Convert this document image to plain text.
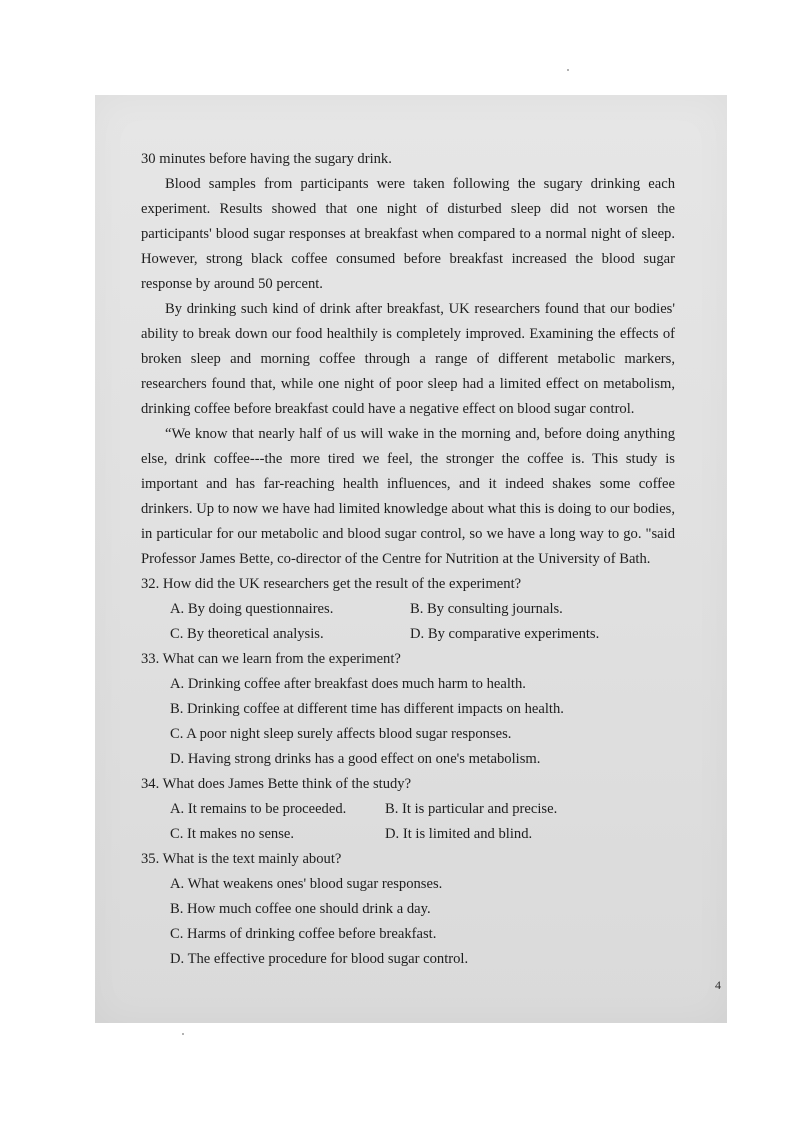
30 minutes before having the sugary drink.

Blood samples from participants were taken following the sugary drinking each experiment. Results showed that one night of disturbed sleep did not worsen the participants' blood sugar responses at breakfast when compared to a normal night of sleep. However, strong black coffee consumed before breakfast increased the blood sugar response by around 50 percent.

By drinking such kind of drink after breakfast, UK researchers found that our bodies' ability to break down our food healthily is completely improved. Examining the effects of broken sleep and morning coffee through a range of different metabolic markers, researchers found that, while one night of poor sleep had a limited effect on metabolism, drinking coffee before breakfast could have a negative effect on blood sugar control.

“We know that nearly half of us will wake in the morning and, before doing anything else, drink coffee---the more tired we feel, the stronger the coffee is. This study is important and has far-reaching health influences, and it indeed shakes some coffee drinkers. Up to now we have had limited knowledge about what this is doing to our bodies, in particular for our metabolic and blood sugar control, so we have a long way to go. "said Professor James Bette, co-director of the Centre for Nutrition at the University of Bath.

32. How did the UK researchers get the result of the experiment?

A. By doing questionnaires.	B. By consulting journals.
C. By theoretical analysis.	D. By comparative experiments.

33. What can we learn from the experiment?

A. Drinking coffee after breakfast does much harm to health.
B. Drinking coffee at different time has different impacts on health.
C. A poor night sleep surely affects blood sugar responses.
D. Having strong drinks has a good effect on one's metabolism.

34. What does James Bette think of the study?

A. It remains to be proceeded.	B. It is particular and precise.
C. It makes no sense.	D. It is limited and blind.

35. What is the text mainly about?

A. What weakens ones' blood sugar responses.
B. How much coffee one should drink a day.
C. Harms of drinking coffee before breakfast.
D. The effective procedure for blood sugar control.
4
